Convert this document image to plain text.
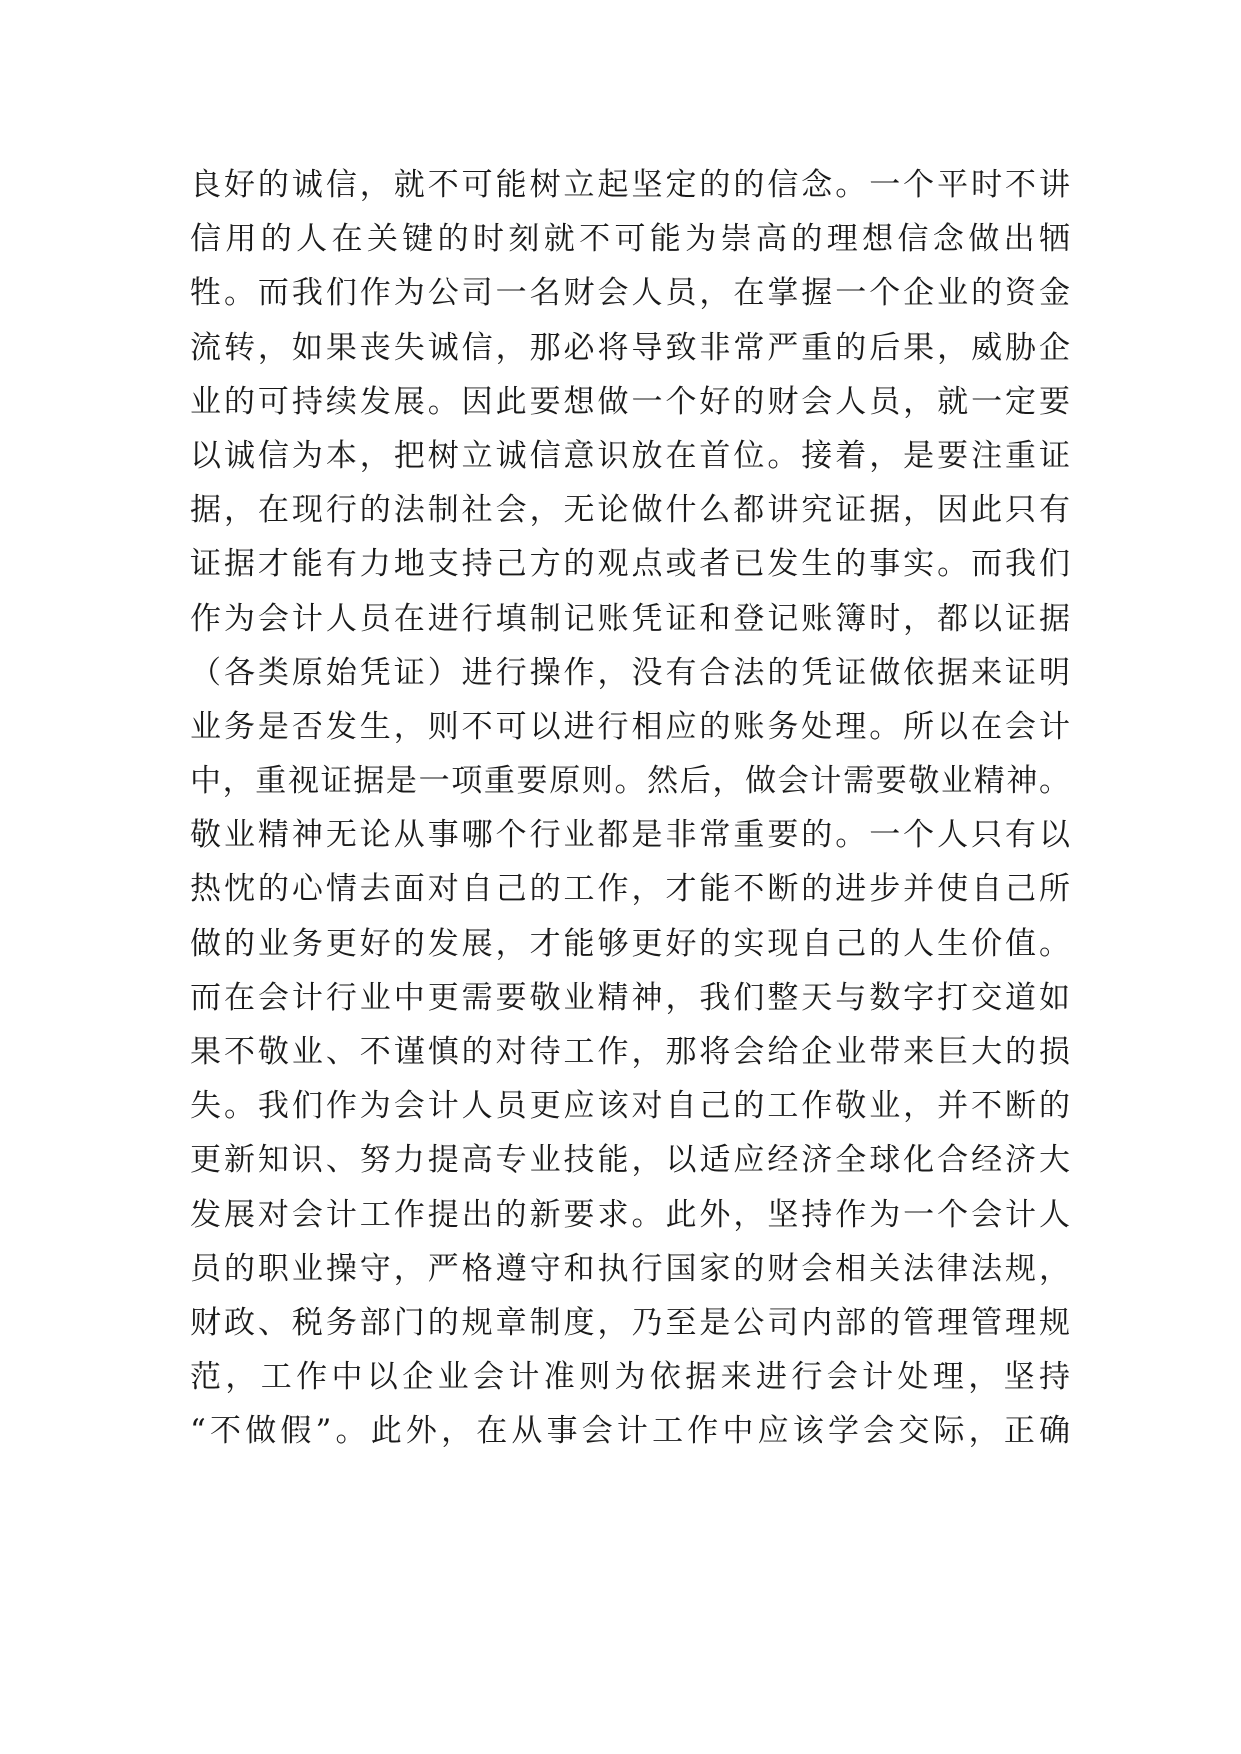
良好的诚信，就不可能树立起坚定的的信念。一个平时不讲
信用的人在关键的时刻就不可能为崇高的理想信念做出牺
牲。而我们作为公司一名财会人员，在掌握一个企业的资金
流转，如果丧失诚信，那必将导致非常严重的后果，威胁企
业的可持续发展。因此要想做一个好的财会人员，就一定要
以诚信为本，把树立诚信意识放在首位。接着，是要注重证
据，在现行的法制社会，无论做什么都讲究证据，因此只有
证据才能有力地支持己方的观点或者已发生的事实。而我们
作为会计人员在进行填制记账凭证和登记账簿时，都以证据
（各类原始凭证）进行操作，没有合法的凭证做依据来证明
业务是否发生，则不可以进行相应的账务处理。所以在会计
中，重视证据是一项重要原则。然后，做会计需要敬业精神。
敬业精神无论从事哪个行业都是非常重要的。一个人只有以
热忱的心情去面对自己的工作，才能不断的进步并使自己所
做的业务更好的发展，才能够更好的实现自己的人生价值。
而在会计行业中更需要敬业精神，我们整天与数字打交道如
果不敬业、不谨慎的对待工作，那将会给企业带来巨大的损
失。我们作为会计人员更应该对自己的工作敬业，并不断的
更新知识、努力提高专业技能，以适应经济全球化合经济大
发展对会计工作提出的新要求。此外，坚持作为一个会计人
员的职业操守，严格遵守和执行国家的财会相关法律法规，
财政、税务部门的规章制度，乃至是公司内部的管理管理规
范，工作中以企业会计准则为依据来进行会计处理，坚持
“不做假”。此外，在从事会计工作中应该学会交际，正确
